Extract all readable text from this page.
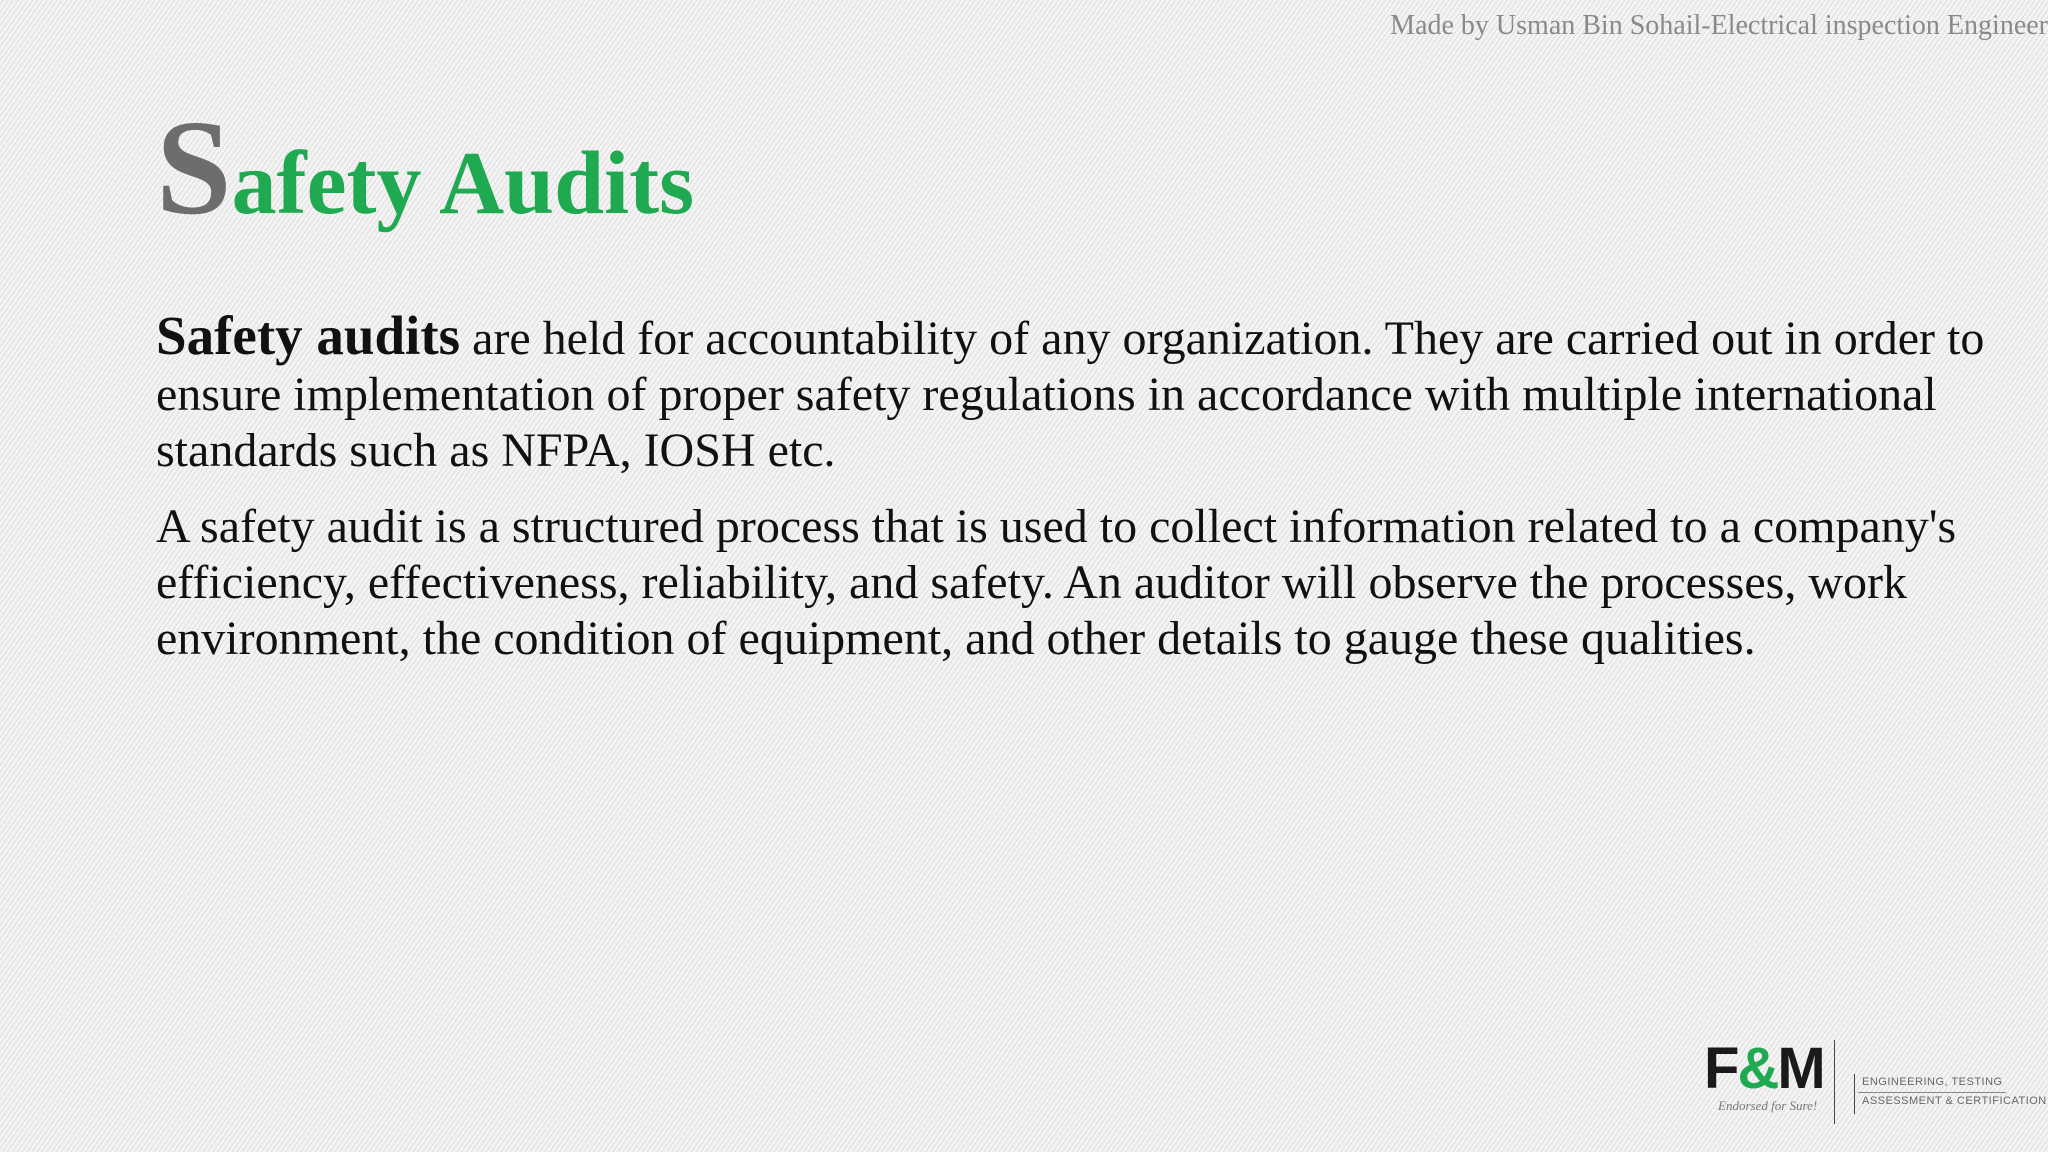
Made by Usman Bin Sohail-Electrical inspection Engineer
Safety Audits

Safety audits are held for accountability of any organization. They are carried out in order to ensure implementation of proper safety regulations in accordance with multiple international standards such as NFPA, IOSH etc.

A safety audit is a structured process that is used to collect information related to a company's efficiency, effectiveness, reliability, and safety. An auditor will observe the processes, work environment, the condition of equipment, and other details to gauge these qualities.

F&M
Endorsed for Sure!
ENGINEERING, TESTING
ASSESSMENT & CERTIFICATION
